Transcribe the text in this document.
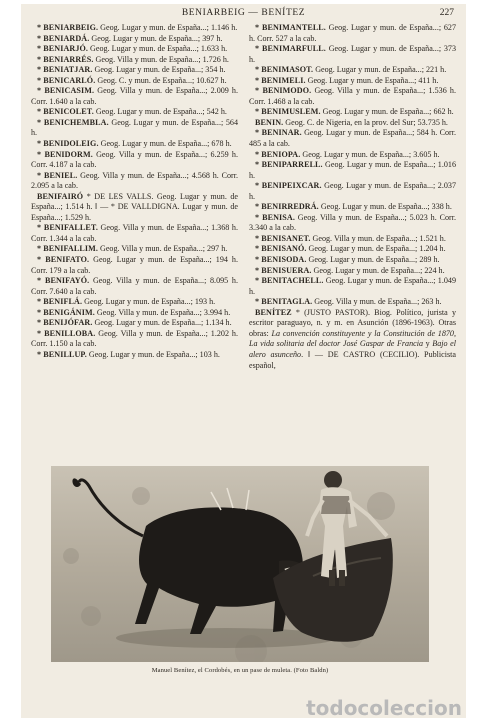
BENIARBEIG — BENÍTEZ	227
* BENIARBEIG. Geog. Lugar y mun. de España...; 1.146 h.
* BENIARDÁ. Geog. Lugar y mun. de España...; 397 h.
* BENIARJÓ. Geog. Lugar y mun. de España...; 1.633 h.
* BENIARRÉS. Geog. Villa y mun. de España...; 1.726 h.
* BENIATJAR. Geog. Lugar y mun. de España...; 354 h.
* BENICARLÓ. Geog. C. y mun. de España...; 10.627 h.
* BENICASIM. Geog. Villa y mun. de España...; 2.009 h. Corr. 1.640 a la cab.
* BENICOLET. Geog. Lugar y mun. de España...; 542 h.
* BENICHEMBLA. Geog. Lugar y mun. de España...; 564 h.
* BENIDOLEIG. Geog. Lugar y mun. de España...; 678 h.
* BENIDORM. Geog. Villa y mun. de España...; 6.259 h. Corr. 4.187 a la cab.
* BENIEL. Geog. Villa y mun. de España...; 4.568 h. Corr. 2.095 a la cab.
BENIFAIRÓ * DE LES VALLS. Geog. Lugar y mun. de España...; 1.514 h. ‖ — * DE VALLDIGNA. Lugar y mun. de España...; 1.529 h.
* BENIFALLET. Geog. Villa y mun. de España...; 1.368 h. Corr. 1.344 a la cab.
* BENIFALLIM. Geog. Villa y mun. de España...; 297 h.
* BENIFATO. Geog. Lugar y mun. de España...; 194 h. Corr. 179 a la cab.
* BENIFAYÓ. Geog. Villa y mun. de España...; 8.095 h. Corr. 7.640 a la cab.
* BENIFLÁ. Geog. Lugar y mun. de España...; 193 h.
* BENIGÁNIM. Geog. Villa y mun. de España...; 3.994 h.
* BENIJÓFAR. Geog. Lugar y mun. de España...; 1.134 h.
* BENILLOBA. Geog. Villa y mun. de España...; 1.202 h. Corr. 1.150 a la cab.
* BENILLUP. Geog. Lugar y mun. de España...; 103 h.
* BENIMANTELL. Geog. Lugar y mun. de España...; 627 h. Corr. 527 a la cab.
* BENIMARFULL. Geog. Lugar y mun. de España...; 373 h.
* BENIMASOT. Geog. Lugar y mun. de España...; 221 h.
* BENIMELI. Geog. Lugar y mun. de España...; 411 h.
* BENIMODO. Geog. Villa y mun. de España...; 1.536 h. Corr. 1.468 a la cab.
* BENIMUSLEM. Geog. Lugar y mun. de España...; 662 h.
BENIN. Geog. C. de Nigeria, en la prov. del Sur; 53.735 h.
* BENINAR. Geog. Lugar y mun. de España...; 584 h. Corr. 485 a la cab.
* BENIOPA. Geog. Lugar y mun. de España...; 3.605 h.
* BENIPARRELL. Geog. Lugar y mun. de España...; 1.016 h.
* BENIPEIXCAR. Geog. Lugar y mun. de España...; 2.037 h.
* BENIRREDRÁ. Geog. Lugar y mun. de España...; 338 h.
* BENISA. Geog. Villa y mun. de España...; 5.023 h. Corr. 3.340 a la cab.
* BENISANET. Geog. Villa y mun. de España...; 1.521 h.
* BENISANÓ. Geog. Lugar y mun. de España...; 1.204 h.
* BENISODA. Geog. Lugar y mun. de España...; 289 h.
* BENISUERA. Geog. Lugar y mun. de España...; 224 h.
* BENITACHELL. Geog. Lugar y mun. de España...; 1.049 h.
* BENITAGLA. Geog. Villa y mun. de España...; 263 h.
BENÍTEZ * (JUSTO PASTOR). Biog. Político, jurista y escritor paraguayo, n. y m. en Asunción (1896-1963). Otras obras: La convención constituyente y la Constitución de 1870, La vida solitaria del doctor José Gaspar de Francia y Bajo el alero asunceño. ‖ — DE CASTRO (CECILIO). Publicista español,
Manuel Benítez, el Cordobés, en un pase de muleta. (Foto Baldn)
todocoleccion
